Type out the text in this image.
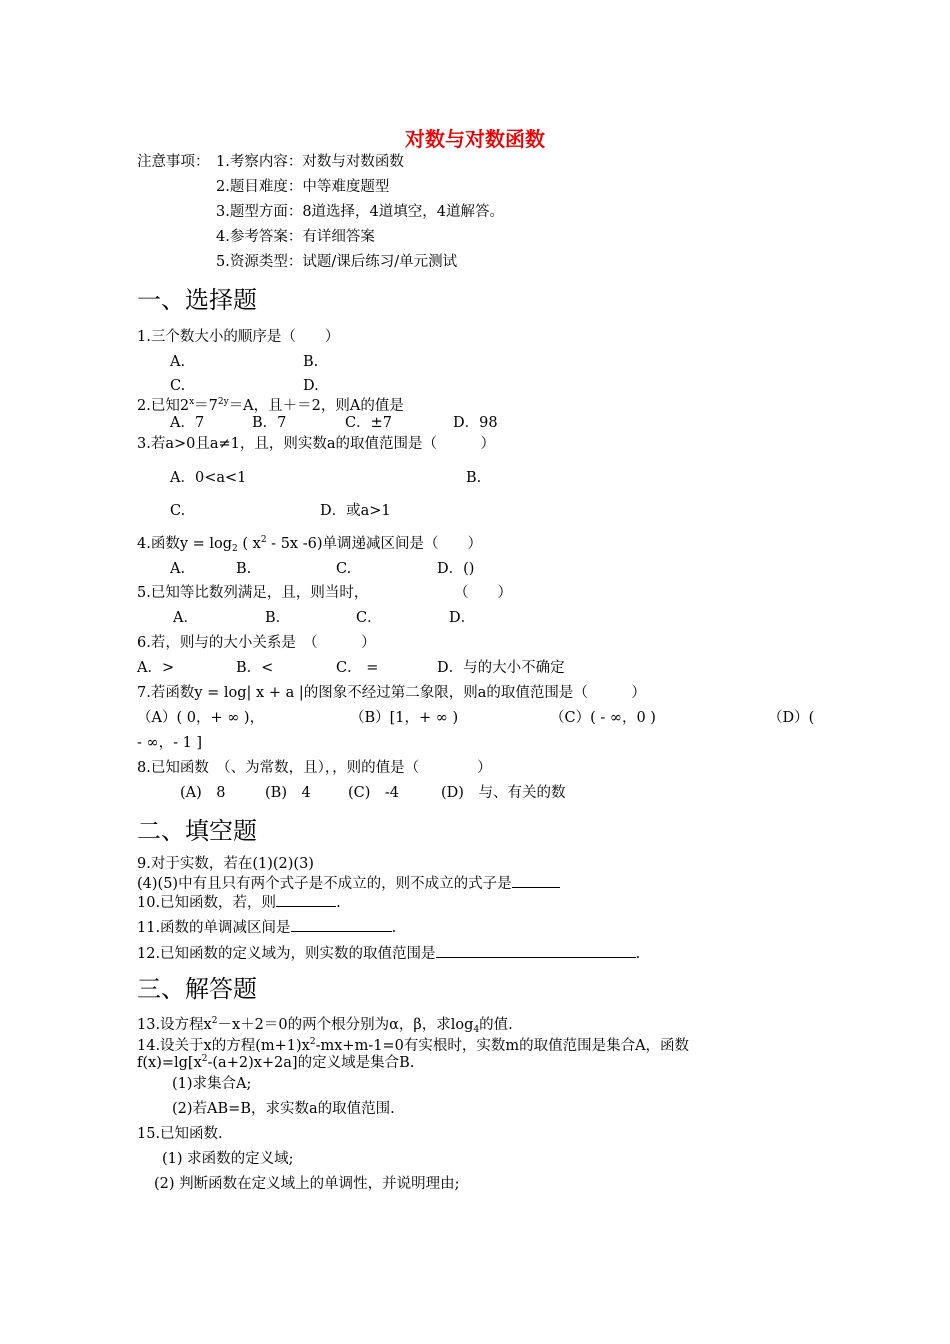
对数与对数函数
注意事项： 1.考察内容：对数与对数函数
2.题目难度：中等难度题型
3.题型方面：8道选择，4道填空，4道解答。
4.参考答案：有详细答案
5.资源类型：试题/课后练习/单元测试
一、选择题
1.三个数大小的顺序是（　　）
A.	B.
C.	D.
2.已知$2^x=7^{2y}=A$，且＋＝2，则A的值是
A．7	B．7	C．±7	D．98
3.若a>0且a≠1，且，则实数a的取值范围是（　　　）
A．0<a<1	B.
C.	D．或a>1
4.函数$y = \log_2$ ( $x^2 - 5x$ -6)单调递减区间是（　　）
A.	B.	C.	D．()
5.已知等比数列满足，且，则当时，	（　　）
A．	B．	C．	D．
6.若，则与的大小关系是　（　　　）
A．>	B．<	C． =	D．与的大小不确定
7.若函数y = log| x + a |的图象不经过第二象限，则a的取值范围是（　　　）
（A）( 0，+ ∞ )，	（B）[1，+ ∞ )	（C）( - ∞，0 )	（D）(
- ∞，- 1 ]
8.已知函数　（、为常数，且），，则的值是（　　　　）
(A)　8	(B)　4	(C)　-4	(D)　与、有关的数
二、填空题
9.对于实数，若在(1)(2)(3)
(4)(5)中有且只有两个式子是不成立的，则不成立的式子是
10.已知函数，若，则	.
11.函数的单调减区间是	.
12.已知函数的定义域为，则实数的取值范围是	.
三、解答题
13.设方程$x^2-x+2=0$的两个根分别为α，β，求$\log_4$的值.
14.设关于x的方程$(m+1)x^2-mx+m-1=0$有实根时，实数m的取值范围是集合A，函数
$f(x)=\lg[x^2-(a+2)x+2a]$的定义域是集合B.
(1)求集合A;
(2)若AB=B，求实数a的取值范围.
15.已知函数.
(1) 求函数的定义域;
(2) 判断函数在定义域上的单调性，并说明理由;
